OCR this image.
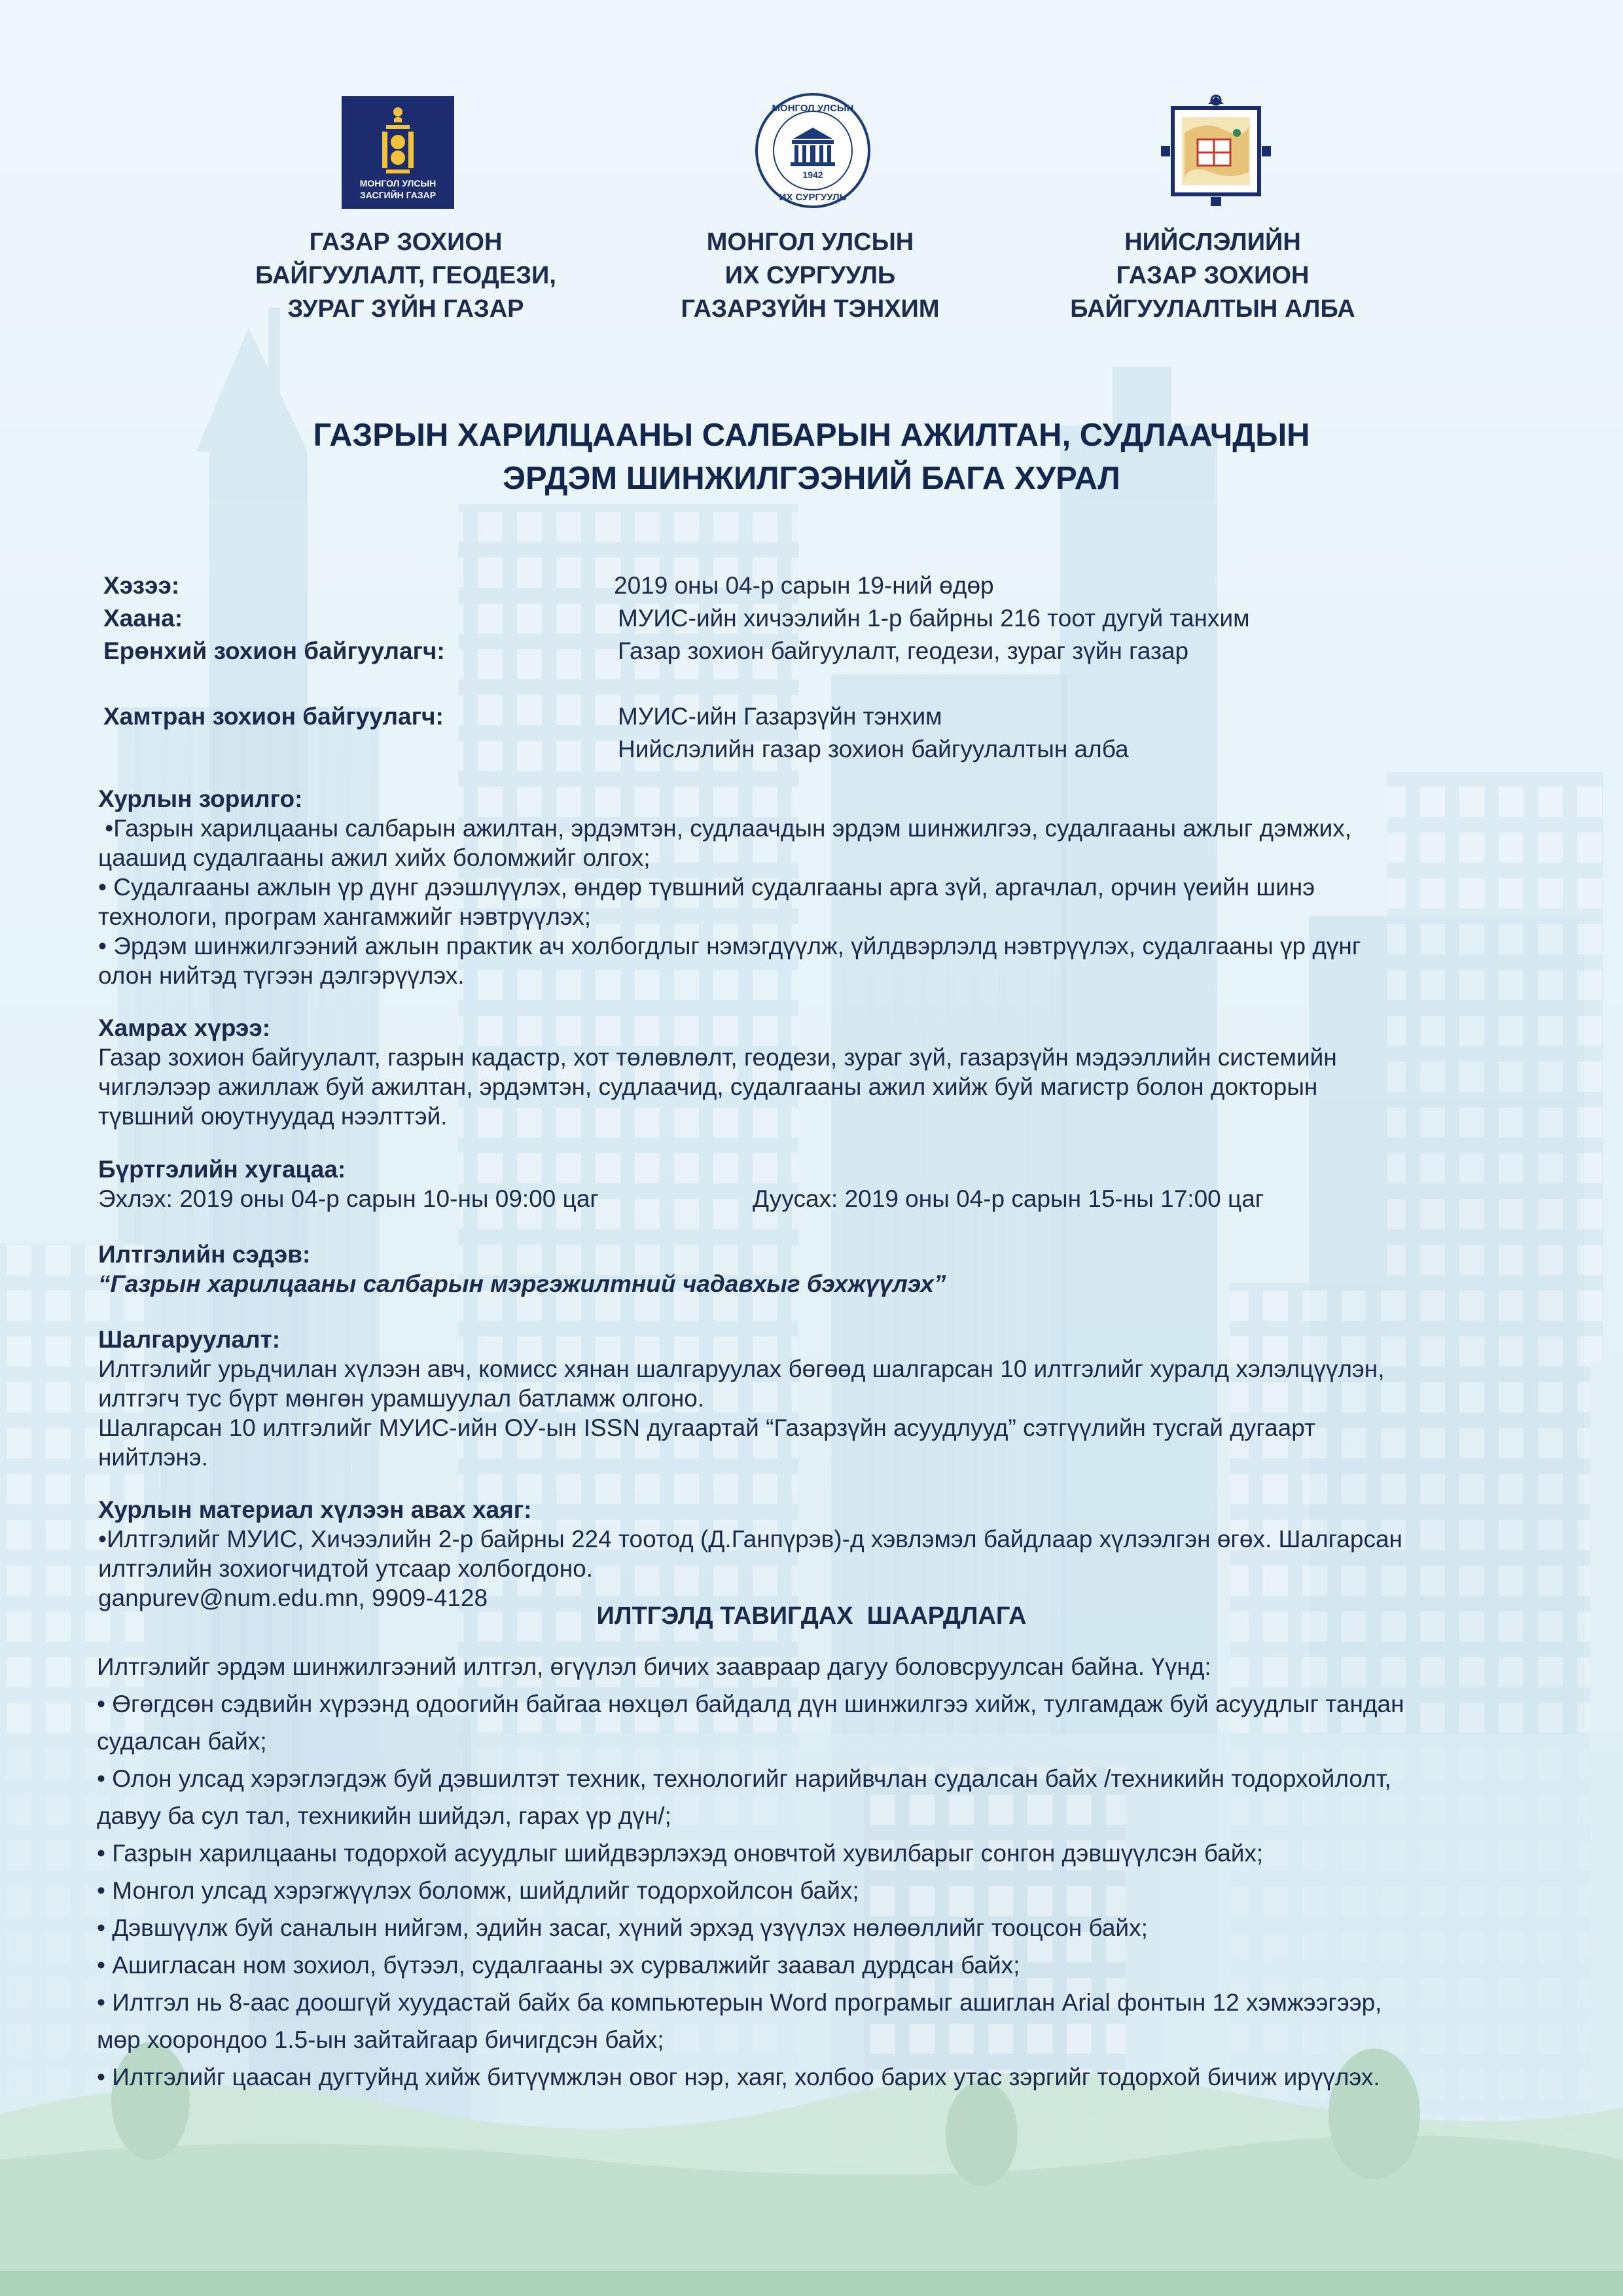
МОНГОЛ УЛСЫН
ЗАСГИЙН ГАЗАР
МОНГОЛ УЛСЫН
ИХ СУРГУУЛЬ
1942
ГАЗАР ЗОХИОН
БАЙГУУЛАЛТ, ГЕОДЕЗИ,
ЗУРАГ ЗҮЙН ГАЗАР
МОНГОЛ УЛСЫН
ИХ СУРГУУЛЬ
ГАЗАРЗҮЙН ТЭНХИМ
НИЙСЛЭЛИЙН
ГАЗАР ЗОХИОН
БАЙГУУЛАЛТЫН АЛБА
ГАЗРЫН ХАРИЛЦААНЫ САЛБАРЫН АЖИЛТАН, СУДЛААЧДЫН
ЭРДЭМ ШИНЖИЛГЭЭНИЙ БАГА ХУРАЛ
Хэзээ:	2019 оны 04-р сарын 19-ний өдөр
Хаана:	МУИС-ийн хичээлийн 1-р байрны 216 тоот дугуй танхим
Ерөнхий зохион байгуулагч:	Газар зохион байгуулалт, геодези, зураг зүйн газар
Хамтран зохион байгуулагч:	МУИС-ийн Газарзүйн тэнхим
Нийслэлийн газар зохион байгуулалтын алба

Хурлын зорилго:

•Газрын харилцааны салбарын ажилтан, эрдэмтэн, судлаачдын эрдэм шинжилгээ, судалгааны ажлыг дэмжих,

цаашид судалгааны ажил хийх боломжийг олгох;

• Судалгааны ажлын үр дүнг дээшлүүлэх, өндөр түвшний судалгааны арга зүй, аргачлал, орчин үеийн шинэ

технологи, програм хангамжийг нэвтрүүлэх;

• Эрдэм шинжилгээний ажлын практик ач холбогдлыг нэмэгдүүлж, үйлдвэрлэлд нэвтрүүлэх, судалгааны үр дүнг

олон нийтэд түгээн дэлгэрүүлэх.

Хамрах хүрээ:

Газар зохион байгуулалт, газрын кадастр, хот төлөвлөлт, геодези, зураг зүй, газарзүйн мэдээллийн системийн

чиглэлээр ажиллаж буй ажилтан, эрдэмтэн, судлаачид, судалгааны ажил хийж буй магистр болон докторын

түвшний оюутнуудад нээлттэй.

Бүртгэлийн хугацаа:

Эхлэх: 2019 оны 04-р сарын 10-ны 09:00 цаг	Дуусах: 2019 оны 04-р сарын 15-ны 17:00 цаг

Илтгэлийн сэдэв:

“Газрын харилцааны салбарын мэргэжилтний чадавхыг бэхжүүлэх”

Шалгаруулалт:

Илтгэлийг урьдчилан хүлээн авч, комисс хянан шалгаруулах бөгөөд шалгарсан 10 илтгэлийг хуралд хэлэлцүүлэн,

илтгэгч тус бүрт мөнгөн урамшуулал батламж олгоно.

Шалгарсан 10 илтгэлийг МУИС-ийн ОУ-ын ISSN дугаартай “Газарзүйн асуудлууд” сэтгүүлийн тусгай дугаарт

нийтлэнэ.

Хурлын материал хүлээн авах хаяг:

•Илтгэлийг МУИС, Хичээлийн 2-р байрны 224 тоотод (Д.Ганпүрэв)-д хэвлэмэл байдлаар хүлээлгэн өгөх. Шалгарсан

илтгэлийн зохиогчидтой утсаар холбогдоно.

ganpurev@num.edu.mn, 9909-4128

ИЛТГЭЛД ТАВИГДАХ  ШААРДЛАГА

Илтгэлийг эрдэм шинжилгээний илтгэл, өгүүлэл бичих заавраар дагуу боловсруулсан байна. Үүнд:

• Өгөгдсөн сэдвийн хүрээнд одоогийн байгаа нөхцөл байдалд дүн шинжилгээ хийж, тулгамдаж буй асуудлыг тандан

судалсан байх;

• Олон улсад хэрэглэгдэж буй дэвшилтэт техник, технологийг нарийвчлан судалсан байх /техникийн тодорхойлолт,

давуу ба сул тал, техникийн шийдэл, гарах үр дүн/;

• Газрын харилцааны тодорхой асуудлыг шийдвэрлэхэд оновчтой хувилбарыг сонгон дэвшүүлсэн байх;

• Монгол улсад хэрэгжүүлэх боломж, шийдлийг тодорхойлсон байх;

• Дэвшүүлж буй саналын нийгэм, эдийн засаг, хүний эрхэд үзүүлэх нөлөөллийг тооцсон байх;

• Ашигласан ном зохиол, бүтээл, судалгааны эх сурвалжийг заавал дурдсан байх;

• Илтгэл нь 8-аас доошгүй хуудастай байх ба компьютерын Word програмыг ашиглан Arial фонтын 12 хэмжээгээр,

мөр хоорондоо 1.5-ын зайтайгаар бичигдсэн байх;

• Илтгэлийг цаасан дугтуйнд хийж битүүмжлэн овог нэр, хаяг, холбоо барих утас зэргийг тодорхой бичиж ирүүлэх.
